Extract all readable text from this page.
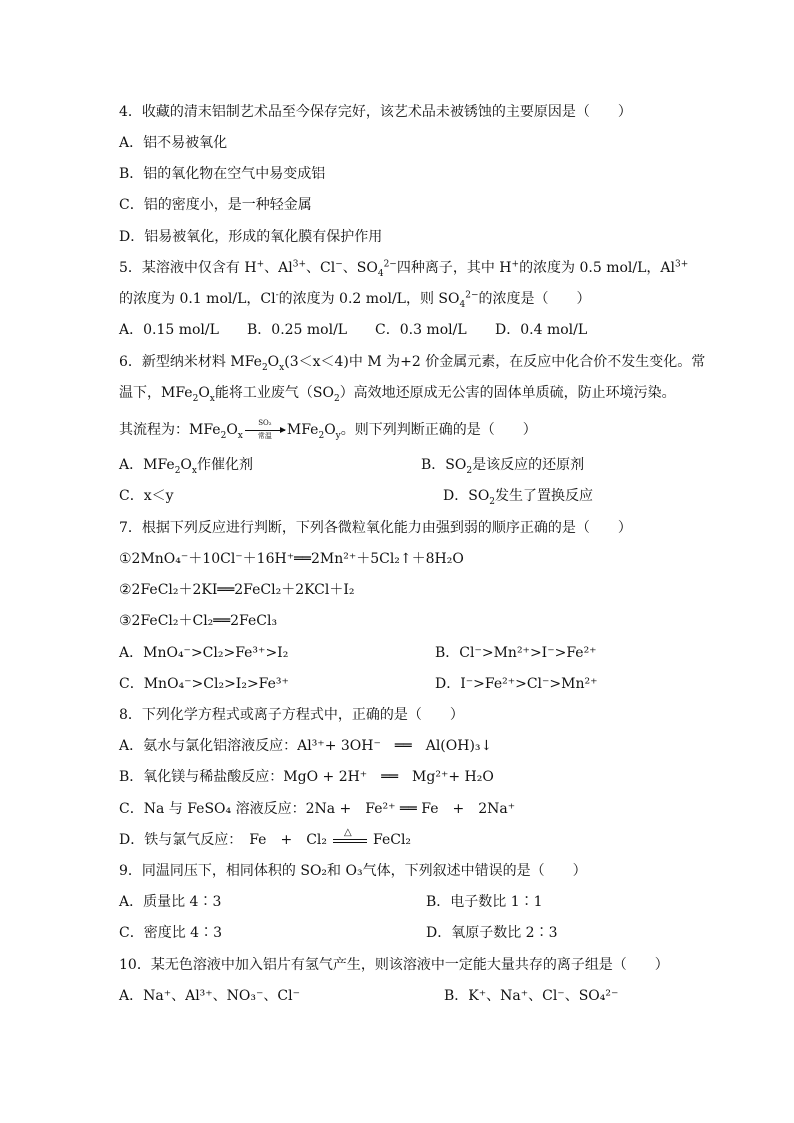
4．收藏的清末铝制艺术品至今保存完好，该艺术品未被锈蚀的主要原因是（　　）
A．铝不易被氧化
B．铝的氧化物在空气中易变成铝
C．铝的密度小，是一种轻金属
D．铝易被氧化，形成的氧化膜有保护作用
5．某溶液中仅含有 H+、$Al^{3+}$、Cl−、$SO_4^{2-}$四种离子，其中 H+的浓度为 0.5 mol/L，$Al^{3+}$
的浓度为 0.1 mol/L，Cl-的浓度为 0.2 mol/L，则 $SO_4^{2-}$的浓度是（　　）
A．0.15 mol/L B．0.25 mol/L C．0.3 mol/L D．0.4 mol/L
6．新型纳米材料 $MFe_2O_x(3<x<4)$中 M 为+2 价金属元素，在反应中化合价不发生变化。常
温下，$MFe_2O_x$能将工业废气$(SO_2)$高效地还原成无公害的固体单质硫，防止环境污染。
其流程为：$MFe_2O_x \frac{\text{SO₂}}{\text{常温}} MFe_2O_y$。则下列判断正确的是（　　）
A．$MFe_2O_x$作催化剂	B．$SO_2$是该反应的还原剂
C．x＜y	D．$SO_2$发生了置换反应
7．根据下列反应进行判断，下列各微粒氧化能力由强到弱的顺序正确的是（　　）
①2MnO₄⁻＋10Cl⁻＋16H⁺══2Mn²⁺＋5Cl₂↑＋8H₂O
②2FeCl₂＋2KI══2FeCl₂＋2KCl＋I₂
③2FeCl₂＋Cl₂══2FeCl₃
A．MnO₄⁻>Cl₂>Fe³⁺>I₂	B．Cl⁻>Mn²⁺>I⁻>Fe²⁺
C．MnO₄⁻>Cl₂>I₂>Fe³⁺	D．I⁻>Fe²⁺>Cl⁻>Mn²⁺
8．下列化学方程式或离子方程式中，正确的是（　　）
A．氨水与氯化铝溶液反应：Al³⁺+ 3OH⁻　══　Al(OH)₃↓
B．氧化镁与稀盐酸反应：MgO + 2H⁺　══　Mg²⁺+ H₂O
C．Na 与 FeSO₄ 溶液反应：2Na +　Fe²⁺ ══ Fe　+　2Na⁺
D．铁与氯气反应：　Fe　+　Cl₂ △ FeCl₂
9．同温同压下，相同体积的 SO₂和 O₃气体，下列叙述中错误的是（　　）
A．质量比 4∶3	B．电子数比 1∶1
C．密度比 4∶3	D．氧原子数比 2∶3
10．某无色溶液中加入铝片有氢气产生，则该溶液中一定能大量共存的离子组是（　　）
A．Na⁺、Al³⁺、NO₃⁻、Cl⁻	B．K⁺、Na⁺、Cl⁻、SO₄²⁻
